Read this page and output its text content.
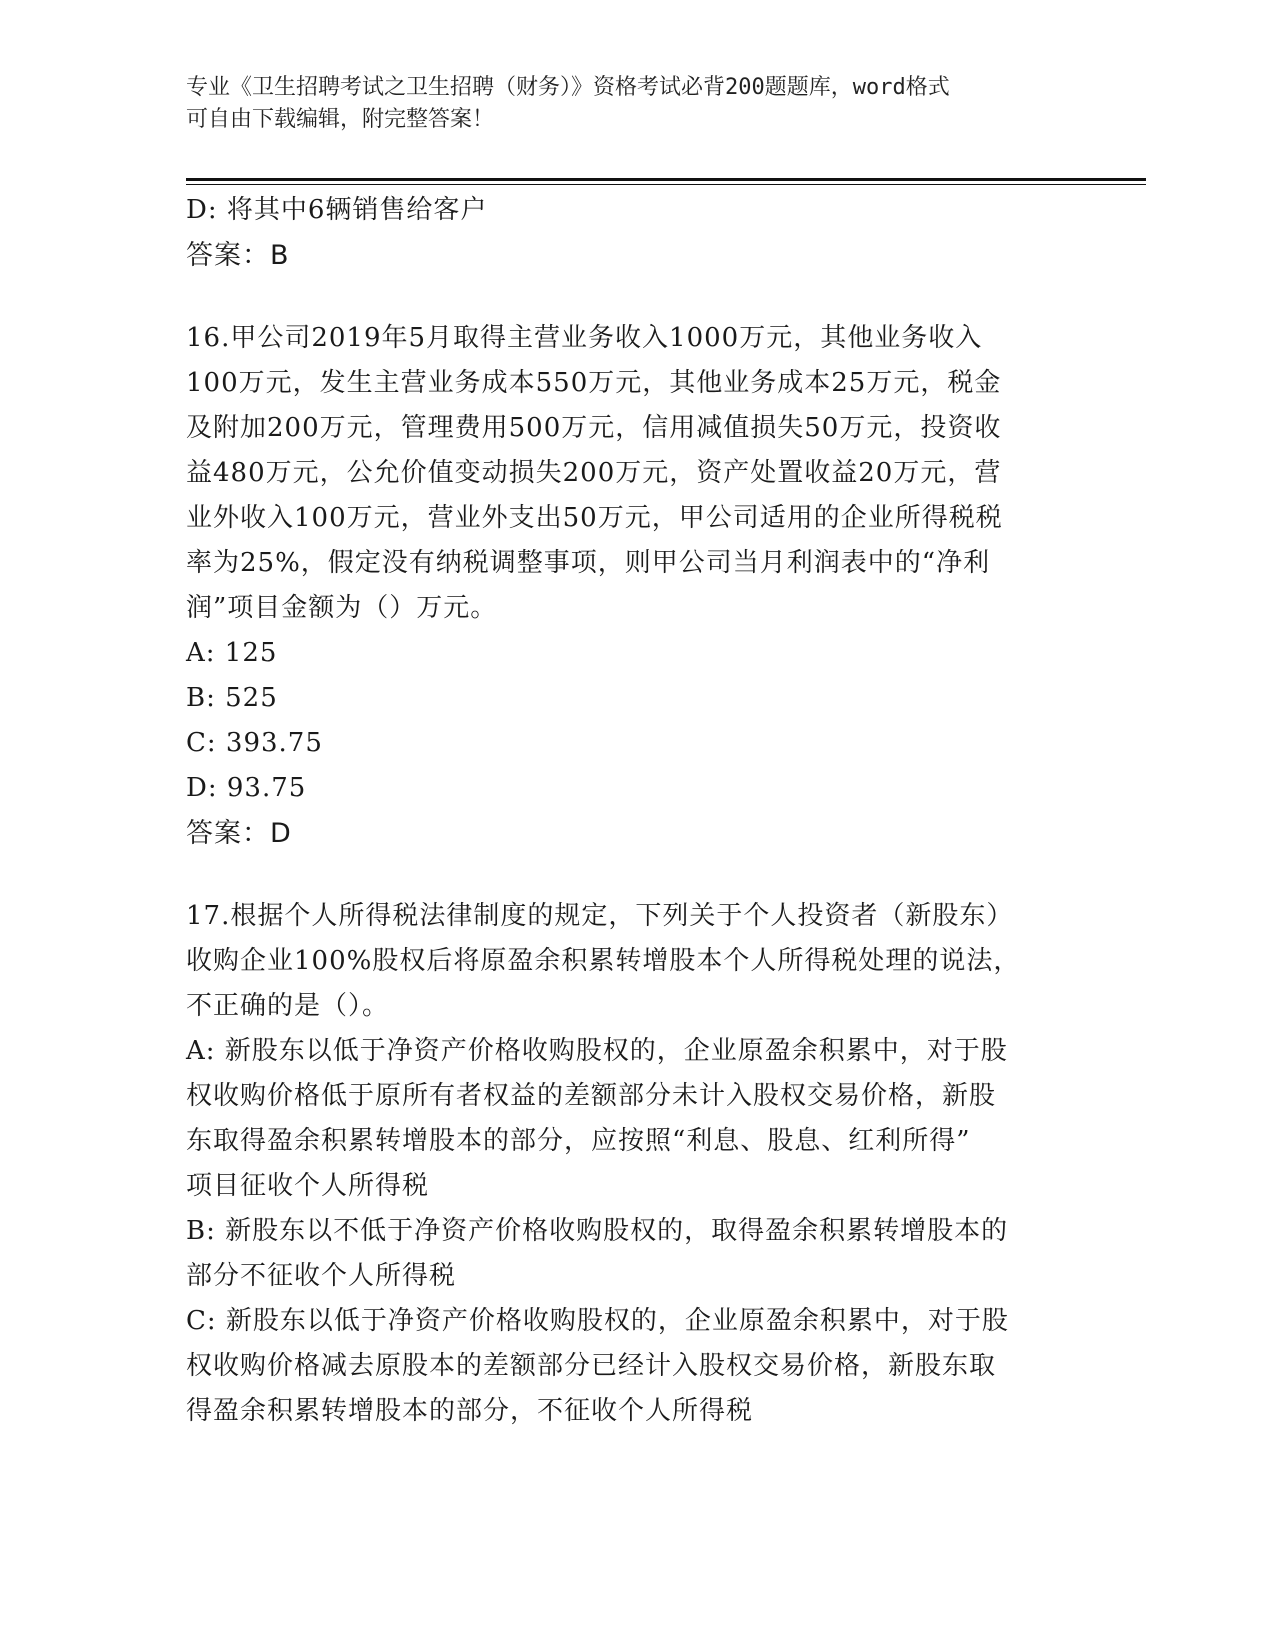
专业《卫生招聘考试之卫生招聘（财务）》资格考试必背200题题库，word格式
可自由下载编辑，附完整答案！
D: 将其中6辆销售给客户
答案：B
16.甲公司2019年5月取得主营业务收入1000万元，其他业务收入
100万元，发生主营业务成本550万元，其他业务成本25万元，税金
及附加200万元，管理费用500万元，信用减值损失50万元，投资收
益480万元，公允价值变动损失200万元，资产处置收益20万元，营
业外收入100万元，营业外支出50万元，甲公司适用的企业所得税税
率为25%，假定没有纳税调整事项，则甲公司当月利润表中的“净利
润”项目金额为（）万元。
A: 125
B: 525
C: 393.75
D: 93.75
答案：D
17.根据个人所得税法律制度的规定，下列关于个人投资者（新股东）
收购企业100%股权后将原盈余积累转增股本个人所得税处理的说法，
不正确的是（）。
A: 新股东以低于净资产价格收购股权的，企业原盈余积累中，对于股
权收购价格低于原所有者权益的差额部分未计入股权交易价格，新股
东取得盈余积累转增股本的部分，应按照“利息、股息、红利所得”
项目征收个人所得税
B: 新股东以不低于净资产价格收购股权的，取得盈余积累转增股本的
部分不征收个人所得税
C: 新股东以低于净资产价格收购股权的，企业原盈余积累中，对于股
权收购价格减去原股本的差额部分已经计入股权交易价格，新股东取
得盈余积累转增股本的部分，不征收个人所得税
